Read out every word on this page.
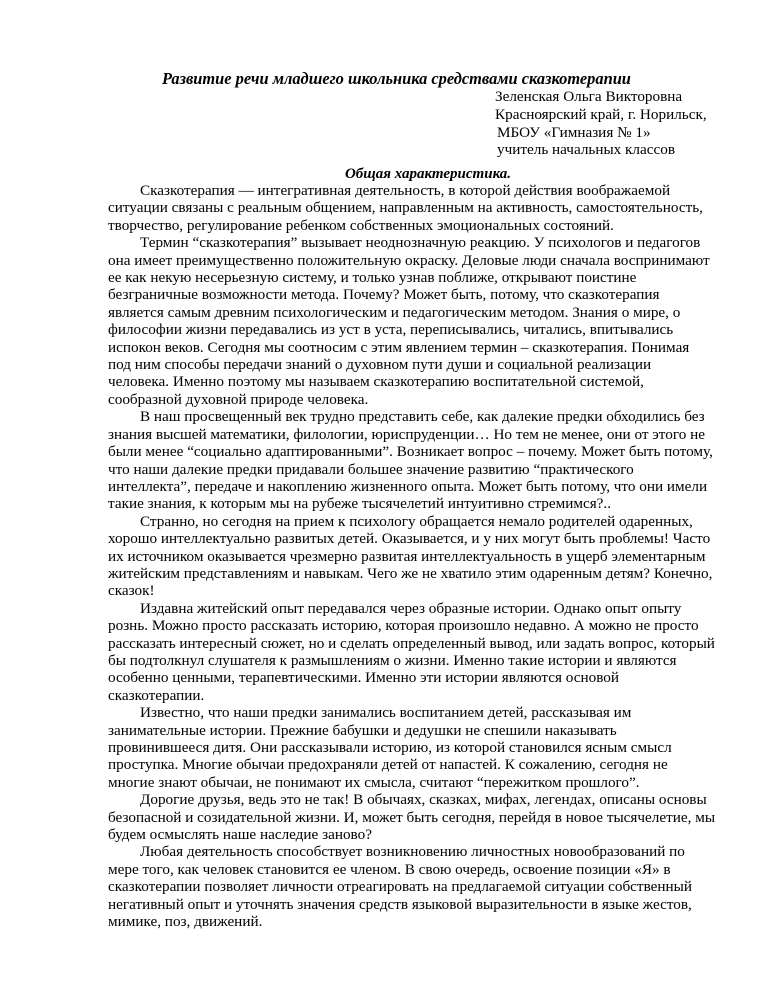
Развитие речи младшего школьника средствами сказкотерапии
Зеленская Ольга Викторовна
Красноярский край, г. Норильск,
МБОУ «Гимназия № 1»
учитель начальных классов
Общая характеристика.

Сказкотерапия — интегративная деятельность, в которой действия воображаемой ситуации связаны с реальным общением, направленным на активность, самостоятельность, творчество, регулирование ребенком собственных эмоциональных состояний.

Термин “сказкотерапия” вызывает неоднозначную реакцию. У психологов и педагогов она имеет преимущественно положительную окраску. Деловые люди сначала воспринимают ее как некую несерьезную систему, и только узнав поближе, открывают поистине безграничные возможности метода. Почему? Может быть, потому, что сказкотерапия является самым древним психологическим и педагогическим методом. Знания о мире, о философии жизни передавались из уст в уста, переписывались, читались, впитывались испокон веков. Сегодня мы соотносим с этим явлением термин – сказкотерапия. Понимая под ним способы передачи знаний о духовном пути души и социальной реализации человека. Именно поэтому мы называем сказкотерапию воспитательной системой, сообразной духовной природе человека.

В наш просвещенный век трудно представить себе, как далекие предки обходились без знания высшей математики, филологии, юриспруденции… Но тем не менее, они от этого не были менее “социально адаптированными”. Возникает вопрос – почему. Может быть потому, что наши далекие предки придавали большее значение развитию “практического интеллекта”, передаче и накоплению жизненного опыта. Может быть потому, что они имели такие знания, к которым мы на рубеже тысячелетий интуитивно стремимся?..

Странно, но сегодня на прием к психологу обращается немало родителей одаренных, хорошо интеллектуально развитых детей. Оказывается, и у них могут быть проблемы! Часто их источником оказывается чрезмерно развитая интеллектуальность в ущерб элементарным житейским представлениям и навыкам. Чего же не хватило этим одаренным детям? Конечно, сказок!

Издавна житейский опыт передавался через образные истории. Однако опыт опыту рознь. Можно просто рассказать историю, которая произошло недавно. А можно не просто рассказать интересный сюжет, но и сделать определенный вывод, или задать вопрос, который бы подтолкнул слушателя к размышлениям о жизни. Именно такие истории и являются особенно ценными, терапевтическими. Именно эти истории являются основой сказкотерапии.

Известно, что наши предки занимались воспитанием детей, рассказывая им занимательные истории. Прежние бабушки и дедушки не спешили наказывать провинившееся дитя. Они рассказывали историю, из которой становился ясным смысл проступка. Многие обычаи предохраняли детей от напастей. К сожалению, сегодня не многие знают обычаи, не понимают их смысла, считают “пережитком прошлого”.

Дорогие друзья, ведь это не так! В обычаях, сказках, мифах, легендах, описаны основы безопасной и созидательной жизни. И, может быть сегодня, перейдя в новое тысячелетие, мы будем осмыслять наше наследие заново?

Любая деятельность способствует возникновению личностных новообразований по мере того, как человек становится ее членом. В свою очередь, освоение позиции «Я» в сказкотерапии позволяет личности отреагировать на предлагаемой ситуации собственный негативный опыт и уточнять значения средств языковой выразительности в языке жестов, мимике, поз, движений.
